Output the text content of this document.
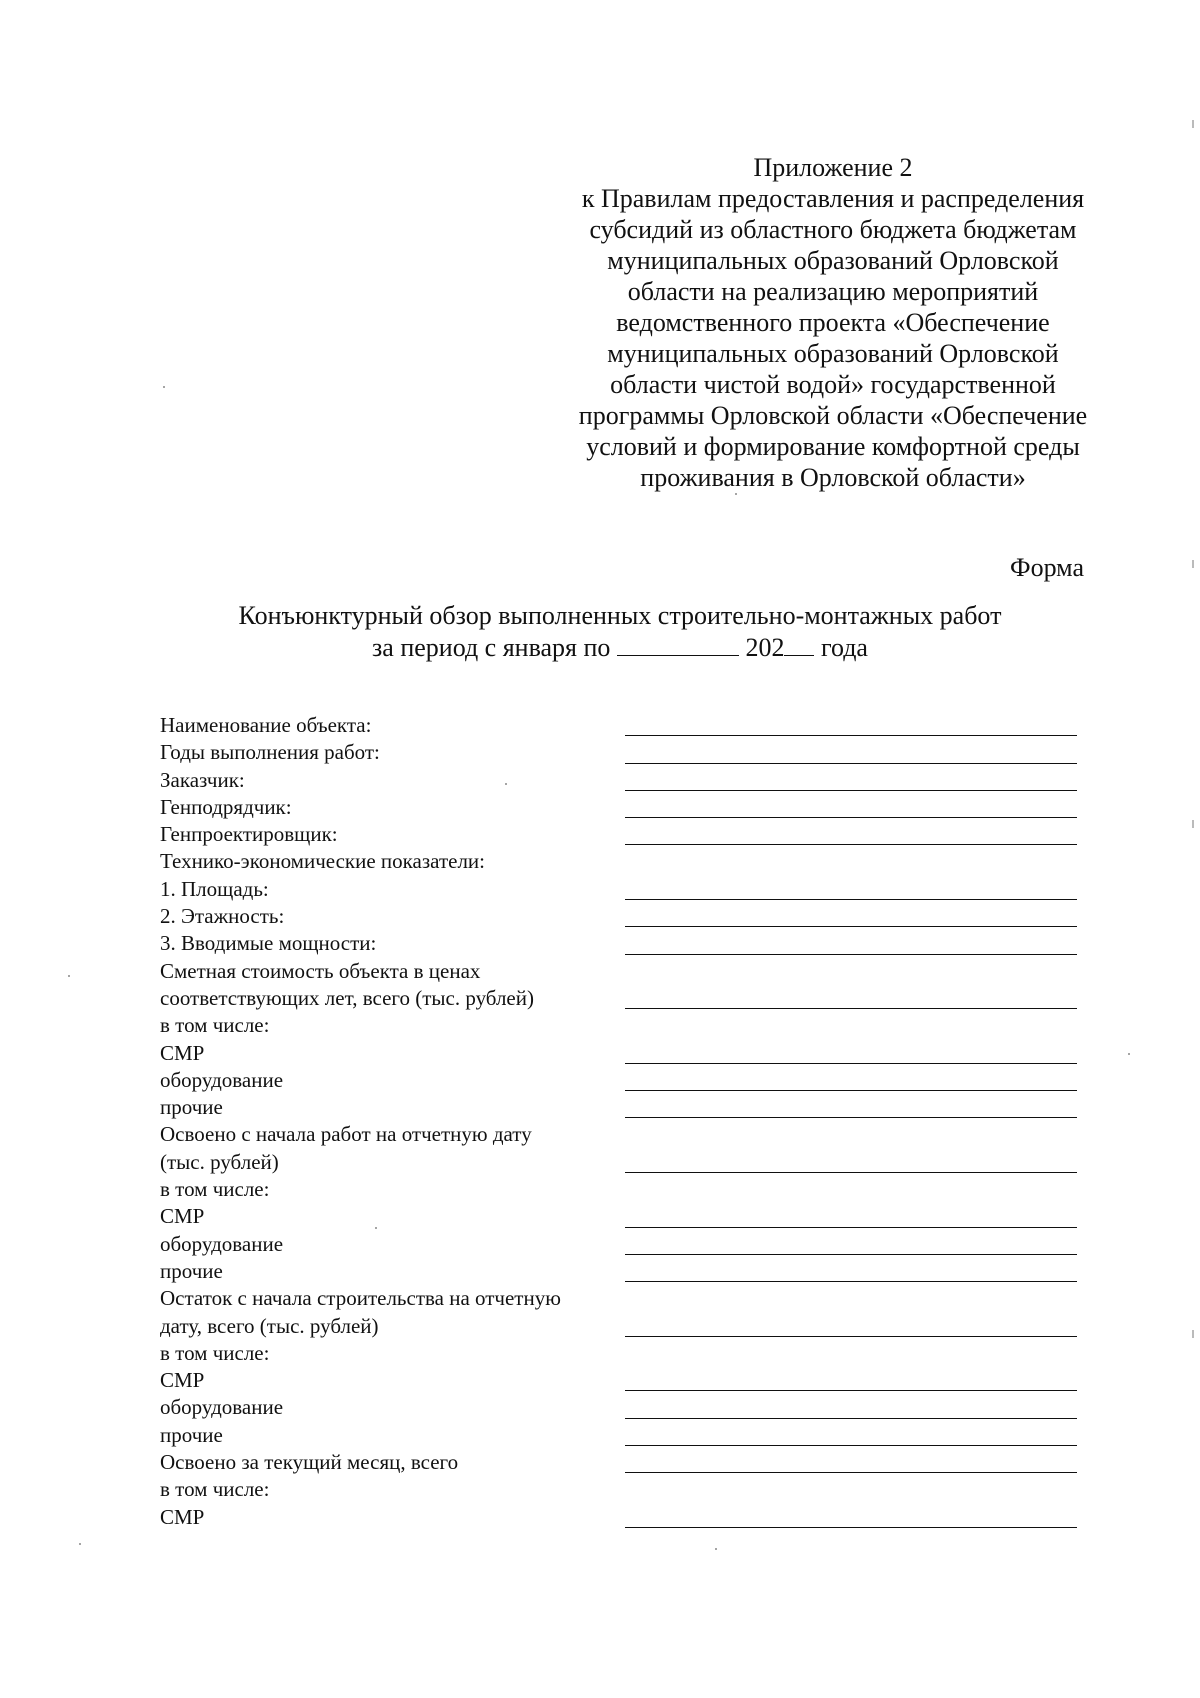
Приложение 2
к Правилам предоставления и распределения
субсидий из областного бюджета бюджетам
муниципальных образований Орловской
области на реализацию мероприятий
ведомственного проекта «Обеспечение
муниципальных образований Орловской
области чистой водой» государственной
программы Орловской области «Обеспечение
условий и формирование комфортной среды
проживания в Орловской области»
Форма
Конъюнктурный обзор выполненных строительно-монтажных работ
за период с января по	202 года
Наименование объекта:
Годы выполнения работ:
Заказчик:
Генподрядчик:
Генпроектировщик:
Технико-экономические показатели:
1. Площадь:
2. Этажность:
3. Вводимые мощности:
Сметная стоимость объекта в ценах
соответствующих лет, всего (тыс. рублей)
в том числе:
СМР
оборудование
прочие
Освоено с начала работ на отчетную дату
(тыс. рублей)
в том числе:
СМР
оборудование
прочие
Остаток с начала строительства на отчетную
дату, всего (тыс. рублей)
в том числе:
СМР
оборудование
прочие
Освоено за текущий месяц, всего
в том числе:
СМР
